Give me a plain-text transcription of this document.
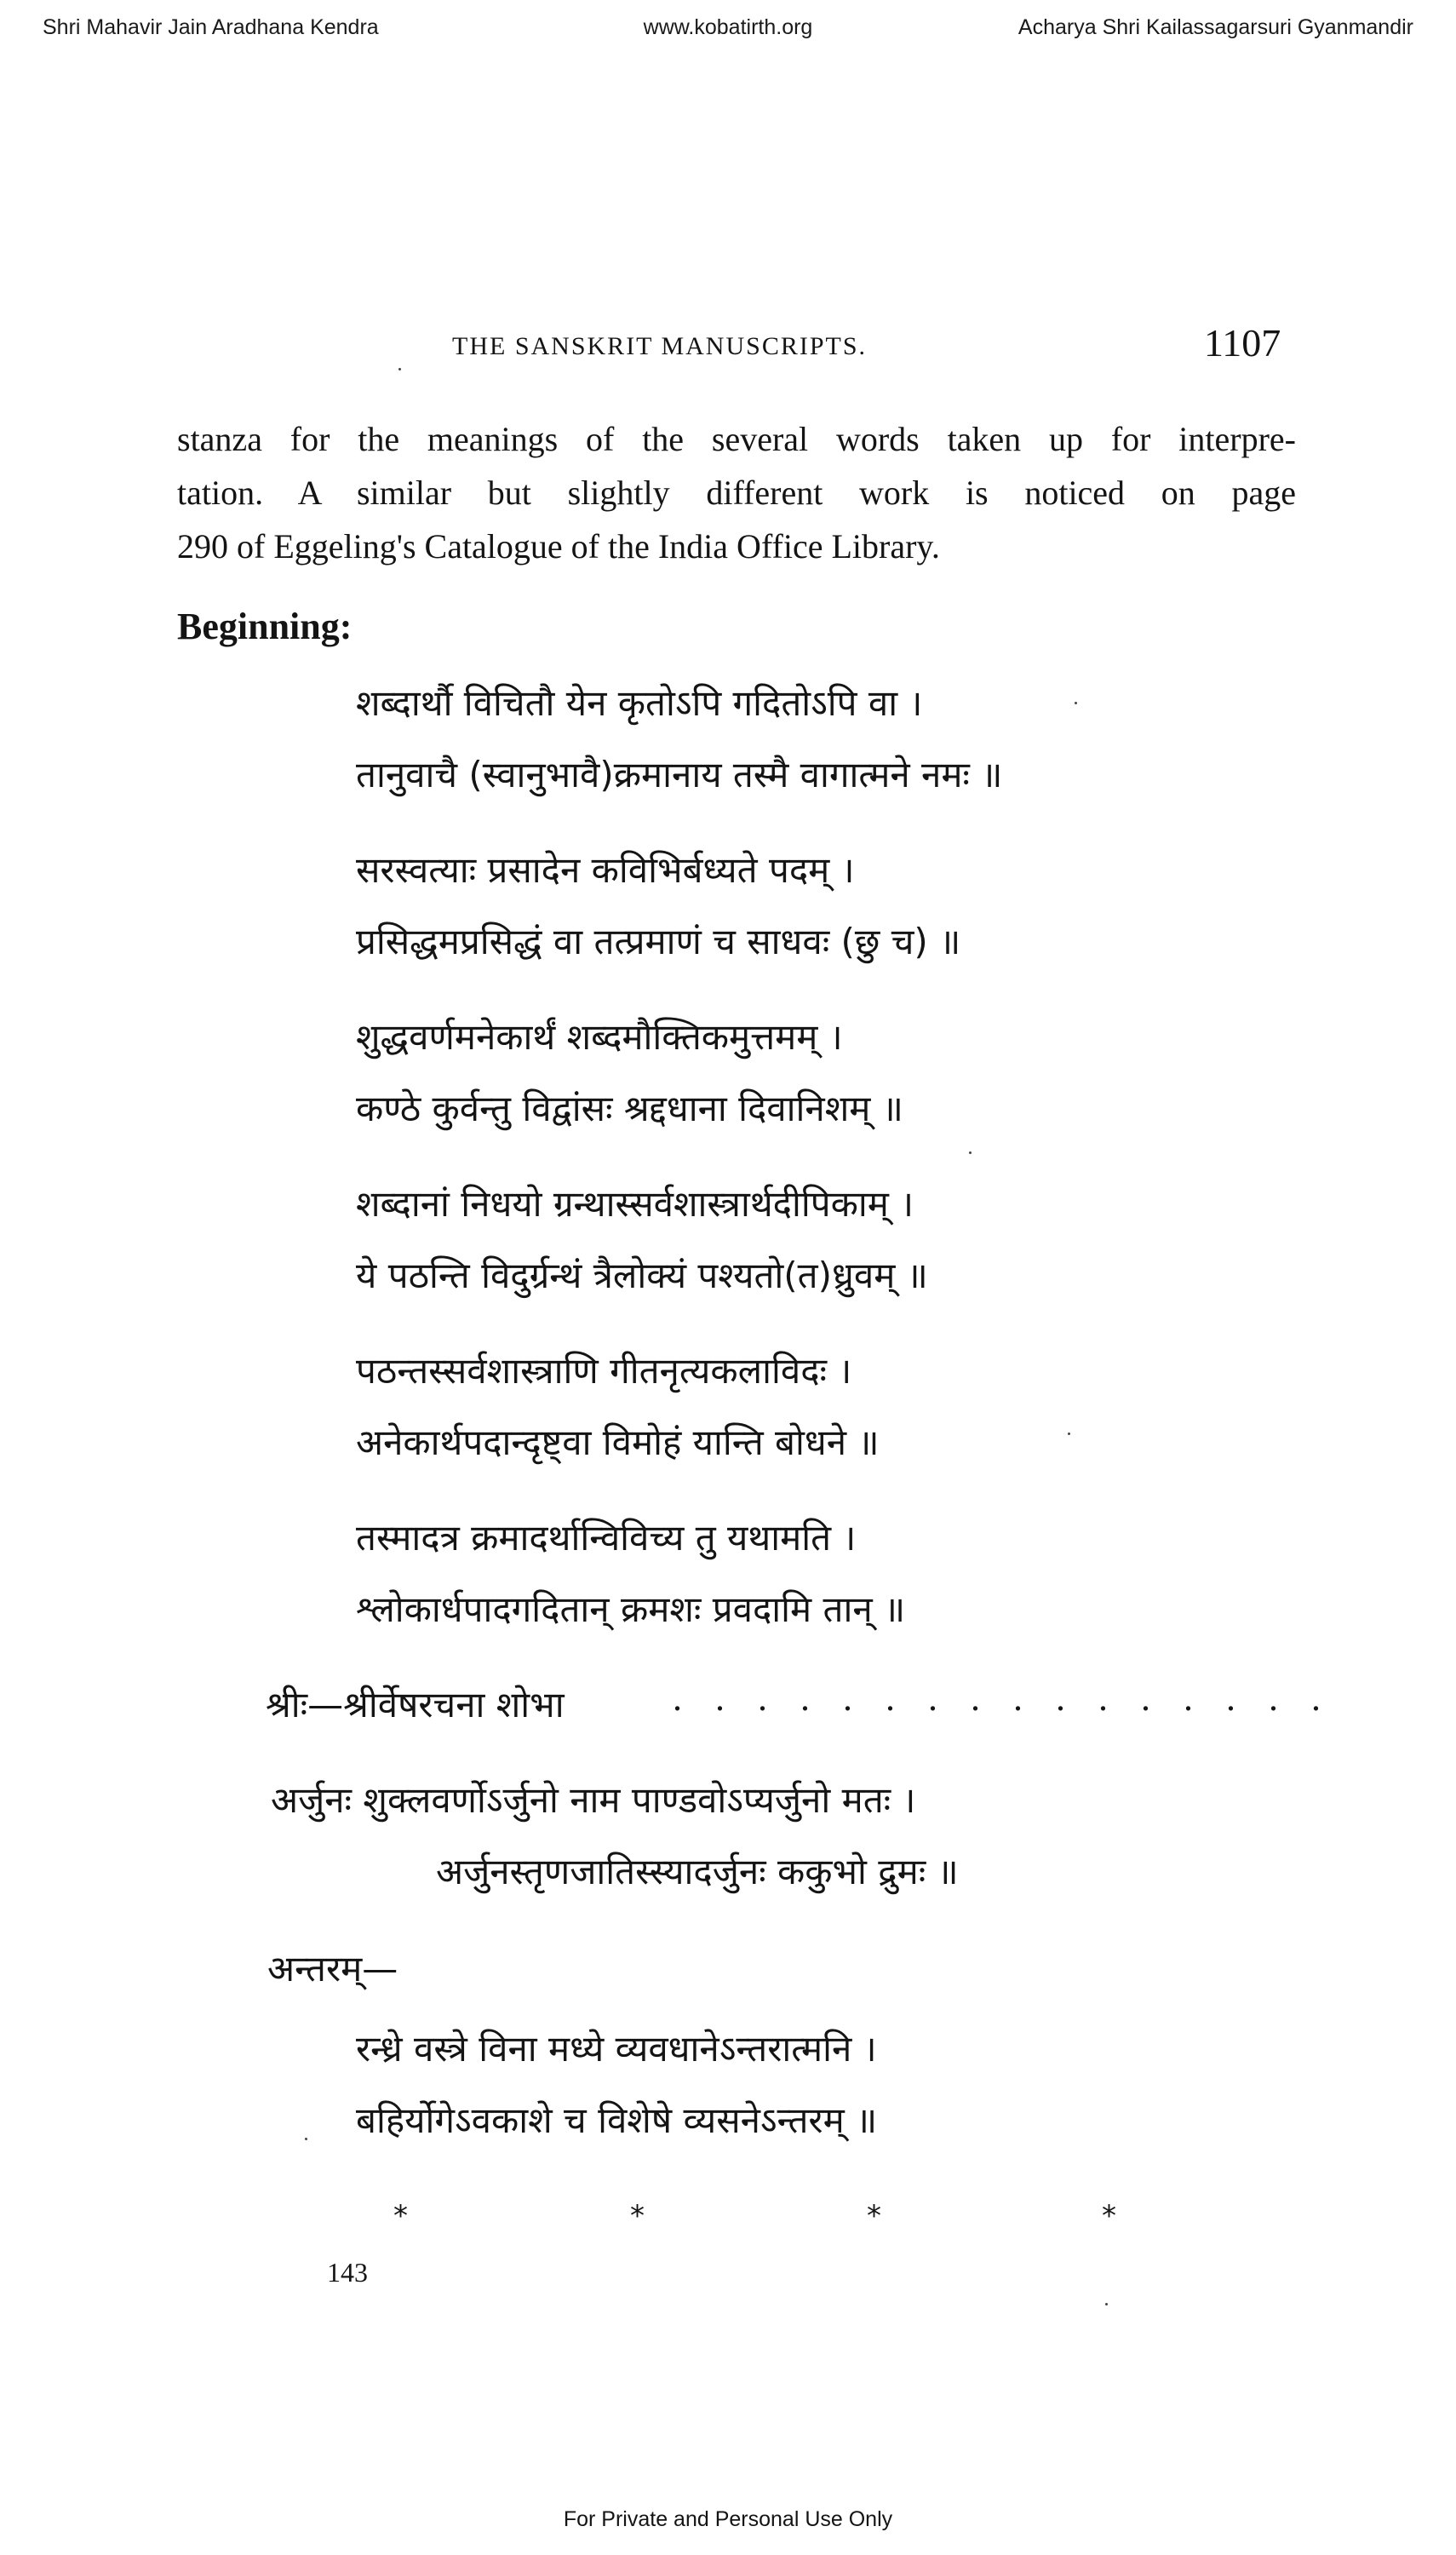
Shri Mahavir Jain Aradhana Kendra	www.kobatirth.org	Acharya Shri Kailassagarsuri Gyanmandir
THE SANSKRIT MANUSCRIPTS.	1107
stanza for the meanings of the several words taken up for interpre-
tation. A similar but slightly different work is noticed on page
290 of Eggeling's Catalogue of the India Office Library.
Beginning:
शब्दार्थौ विचितौ येन कृतोऽपि गदितोऽपि वा ।
तानुवाचै (स्वानुभावै)क्रमानाय तस्मै वागात्मने नमः ॥
सरस्वत्याः प्रसादेन कविभिर्बध्यते पदम् ।
प्रसिद्धमप्रसिद्धं वा तत्प्रमाणं च साधवः (छु च) ॥
शुद्धवर्णमनेकार्थं शब्दमौक्तिकमुत्तमम् ।
कण्ठे कुर्वन्तु विद्वांसः श्रद्दधाना दिवानिशम् ॥
शब्दानां निधयो ग्रन्थास्सर्वशास्त्रार्थदीपिकाम् ।
ये पठन्ति विदुर्ग्रन्थं त्रैलोक्यं पश्यतो(त)ध्रुवम् ॥
पठन्तस्सर्वशास्त्राणि गीतनृत्यकलाविदः ।
अनेकार्थपदान्दृष्ट्वा विमोहं यान्ति बोधने ॥
तस्मादत्र क्रमादर्थान्विविच्य तु यथामति ।
श्लोकार्धपादगदितान् क्रमशः प्रवदामि तान् ॥
श्रीः—श्रीर्वेषरचना शोभा	. . . . . . . . . . . . . . . .
अर्जुनः शुक्लवर्णोऽर्जुनो नाम पाण्डवोऽप्यर्जुनो मतः ।
अर्जुनस्तृणजातिस्स्यादर्जुनः ककुभो द्रुमः ॥
अन्तरम्—
रन्ध्रे वस्त्रे विना मध्ये व्यवधानेऽन्तरात्मनि ।
बहिर्योगेऽवकाशे च विशेषे व्यसनेऽन्तरम् ॥
*	*	*	*
143
For Private and Personal Use Only
